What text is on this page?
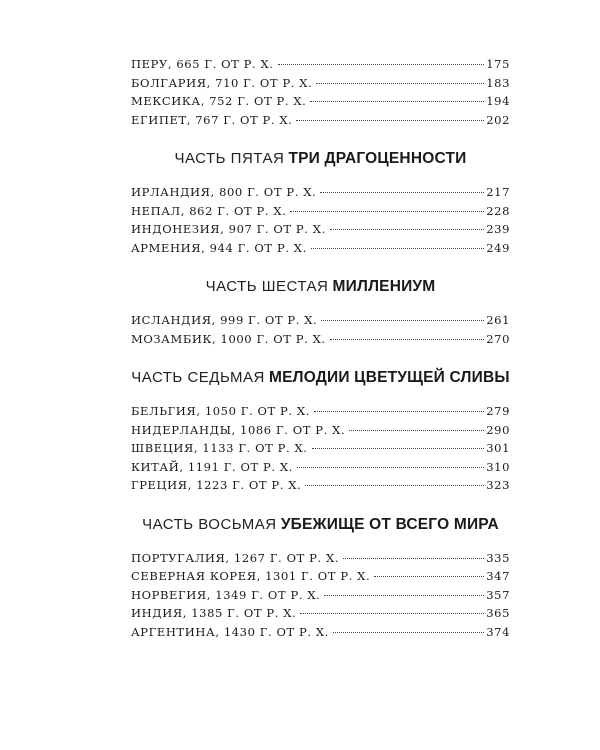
ПЕРУ, 665 Г. ОТ Р. Х.	175
БОЛГАРИЯ, 710 Г. ОТ Р. Х.	183
МЕКСИКА, 752 Г. ОТ Р. Х.	194
ЕГИПЕТ, 767 Г. ОТ Р. Х.	202
ЧАСТЬ ПЯТАЯ ТРИ ДРАГОЦЕННОСТИ
ИРЛАНДИЯ, 800 Г. ОТ Р. Х.	217
НЕПАЛ, 862 Г. ОТ Р. Х.	228
ИНДОНЕЗИЯ, 907 Г. ОТ Р. Х.	239
АРМЕНИЯ, 944 Г. ОТ Р. Х.	249
ЧАСТЬ ШЕСТАЯ МИЛЛЕНИУМ
ИСЛАНДИЯ, 999 Г. ОТ Р. Х.	261
МОЗАМБИК, 1000 Г. ОТ Р. Х.	270
ЧАСТЬ СЕДЬМАЯ МЕЛОДИИ ЦВЕТУЩЕЙ СЛИВЫ
БЕЛЬГИЯ, 1050 Г. ОТ Р. Х.	279
НИДЕРЛАНДЫ, 1086 Г. ОТ Р. Х.	290
ШВЕЦИЯ, 1133 Г. ОТ Р. Х.	301
КИТАЙ, 1191 Г. ОТ Р. Х.	310
ГРЕЦИЯ, 1223 Г. ОТ Р. Х.	323
ЧАСТЬ ВОСЬМАЯ УБЕЖИЩЕ ОТ ВСЕГО МИРА
ПОРТУГАЛИЯ, 1267 Г. ОТ Р. Х.	335
СЕВЕРНАЯ КОРЕЯ, 1301 Г. ОТ Р. Х.	347
НОРВЕГИЯ, 1349 Г. ОТ Р. Х.	357
ИНДИЯ, 1385 Г. ОТ Р. Х.	365
АРГЕНТИНА, 1430 Г. ОТ Р. Х.	374
